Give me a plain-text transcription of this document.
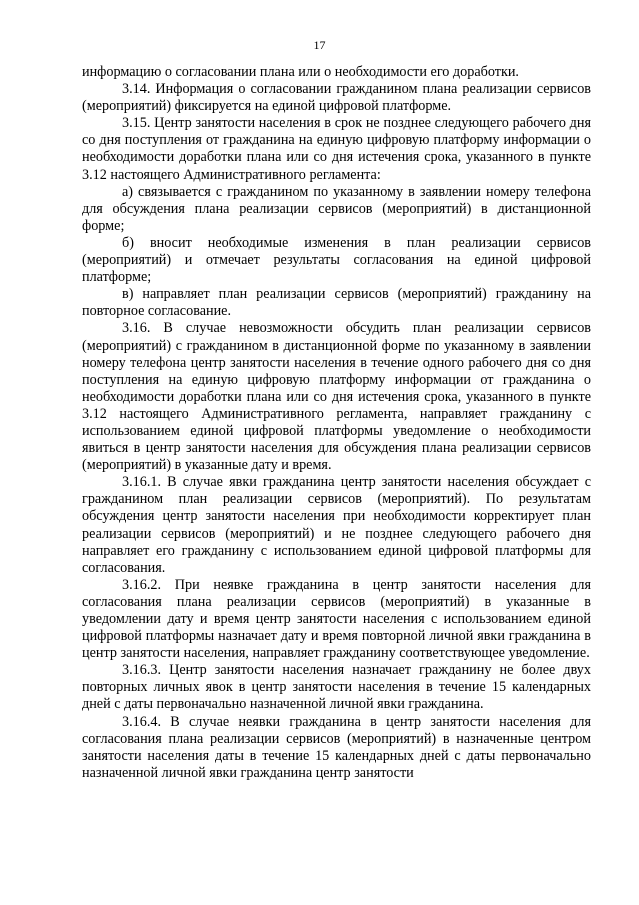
17

информацию о согласовании плана или о необходимости его доработки.

3.14. Информация о согласовании гражданином плана реализации сервисов (мероприятий) фиксируется на единой цифровой платформе.

3.15. Центр занятости населения в срок не позднее следующего рабочего дня со дня поступления от гражданина на единую цифровую платформу информации о необходимости доработки плана или со дня истечения срока, указанного в пункте 3.12 настоящего Административного регламента:

а) связывается с гражданином по указанному в заявлении номеру телефона для обсуждения плана реализации сервисов (мероприятий) в дистанционной форме;

б) вносит необходимые изменения в план реализации сервисов (мероприятий) и отмечает результаты согласования на единой цифровой платформе;

в) направляет план реализации сервисов (мероприятий) гражданину на повторное согласование.

3.16. В случае невозможности обсудить план реализации сервисов (мероприятий) с гражданином в дистанционной форме по указанному в заявлении номеру телефона центр занятости населения в течение одного рабочего дня со дня поступления на единую цифровую платформу информации от гражданина о необходимости доработки плана или со дня истечения срока, указанного в пункте 3.12 настоящего Административного регламента, направляет гражданину с использованием единой цифровой платформы уведомление о необходимости явиться в центр занятости населения для обсуждения плана реализации сервисов (мероприятий) в указанные дату и время.

3.16.1. В случае явки гражданина центр занятости населения обсуждает с гражданином план реализации сервисов (мероприятий). По результатам обсуждения центр занятости населения при необходимости корректирует план реализации сервисов (мероприятий) и не позднее следующего рабочего дня направляет его гражданину с использованием единой цифровой платформы для согласования.

3.16.2. При неявке гражданина в центр занятости населения для согласования плана реализации сервисов (мероприятий) в указанные в уведомлении дату и время центр занятости населения с использованием единой цифровой платформы назначает дату и время повторной личной явки гражданина в центр занятости населения, направляет гражданину соответствующее уведомление.

3.16.3. Центр занятости населения назначает гражданину не более двух повторных личных явок в центр занятости населения в течение 15 календарных дней с даты первоначально назначенной личной явки гражданина.

3.16.4. В случае неявки гражданина в центр занятости населения для согласования плана реализации сервисов (мероприятий) в назначенные центром занятости населения даты в течение 15 календарных дней с даты первоначально назначенной личной явки гражданина центр занятости
